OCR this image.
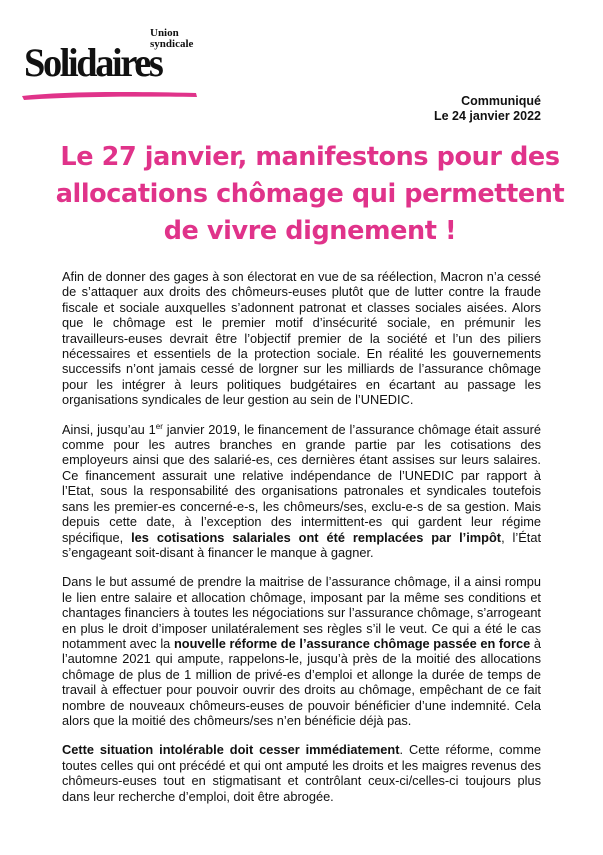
Union
syndicale
Solidaires
Communiqué
Le 24 janvier 2022
Le 27 janvier, manifestons pour des
allocations chômage qui permettent
de vivre dignement !

Afin de donner des gages à son électorat en vue de sa réélection, Macron n’a cessé de s’attaquer aux droits des chômeurs-euses plutôt que de lutter contre la fraude fiscale et sociale auxquelles s’adonnent patronat et classes sociales aisées. Alors que le chômage est le premier motif d’insécurité sociale, en prémunir les travailleurs-euses devrait être l’objectif premier de la société et l’un des piliers nécessaires et essentiels de la protection sociale. En réalité les gouvernements successifs n’ont jamais cessé de lorgner sur les milliards de l’assurance chômage pour les intégrer à leurs politiques budgétaires en écartant au passage les organisations syndicales de leur gestion au sein de l’UNEDIC.

Ainsi, jusqu’au 1er janvier 2019, le financement de l’assurance chômage était assuré comme pour les autres branches en grande partie par les cotisations des employeurs ainsi que des salarié-es, ces dernières étant assises sur leurs salaires. Ce financement assurait une relative indépendance de l’UNEDIC par rapport à l’Etat, sous la responsabilité des organisations patronales et syndicales toutefois sans les premier-es concerné-e-s, les chômeurs/ses, exclu-e-s de sa gestion. Mais depuis cette date, à l’exception des intermittent-es qui gardent leur régime spécifique, les cotisations salariales ont été remplacées par l’impôt, l’État s’engageant soit-disant à financer le manque à gagner.

Dans le but assumé de prendre la maitrise de l’assurance chômage, il a ainsi rompu le lien entre salaire et allocation chômage, imposant par la même ses conditions et chantages financiers à toutes les négociations sur l’assurance chômage, s’arrogeant en plus le droit d’imposer unilatéralement ses règles s’il le veut. Ce qui a été le cas notamment avec la nouvelle réforme de l’assurance chômage passée en force à l’automne 2021 qui ampute, rappelons-le, jusqu’à près de la moitié des allocations chômage de plus de 1 million de privé-es d’emploi et allonge la durée de temps de travail à effectuer pour pouvoir ouvrir des droits au chômage, empêchant de ce fait nombre de nouveaux chômeurs-euses de pouvoir bénéficier d’une indemnité. Cela alors que la moitié des chômeurs/ses n’en bénéficie déjà pas.

Cette situation intolérable doit cesser immédiatement. Cette réforme, comme toutes celles qui ont précédé et qui ont amputé les droits et les maigres revenus des chômeurs-euses tout en stigmatisant et contrôlant ceux-ci/celles-ci toujours plus dans leur recherche d’emploi, doit être abrogée.
